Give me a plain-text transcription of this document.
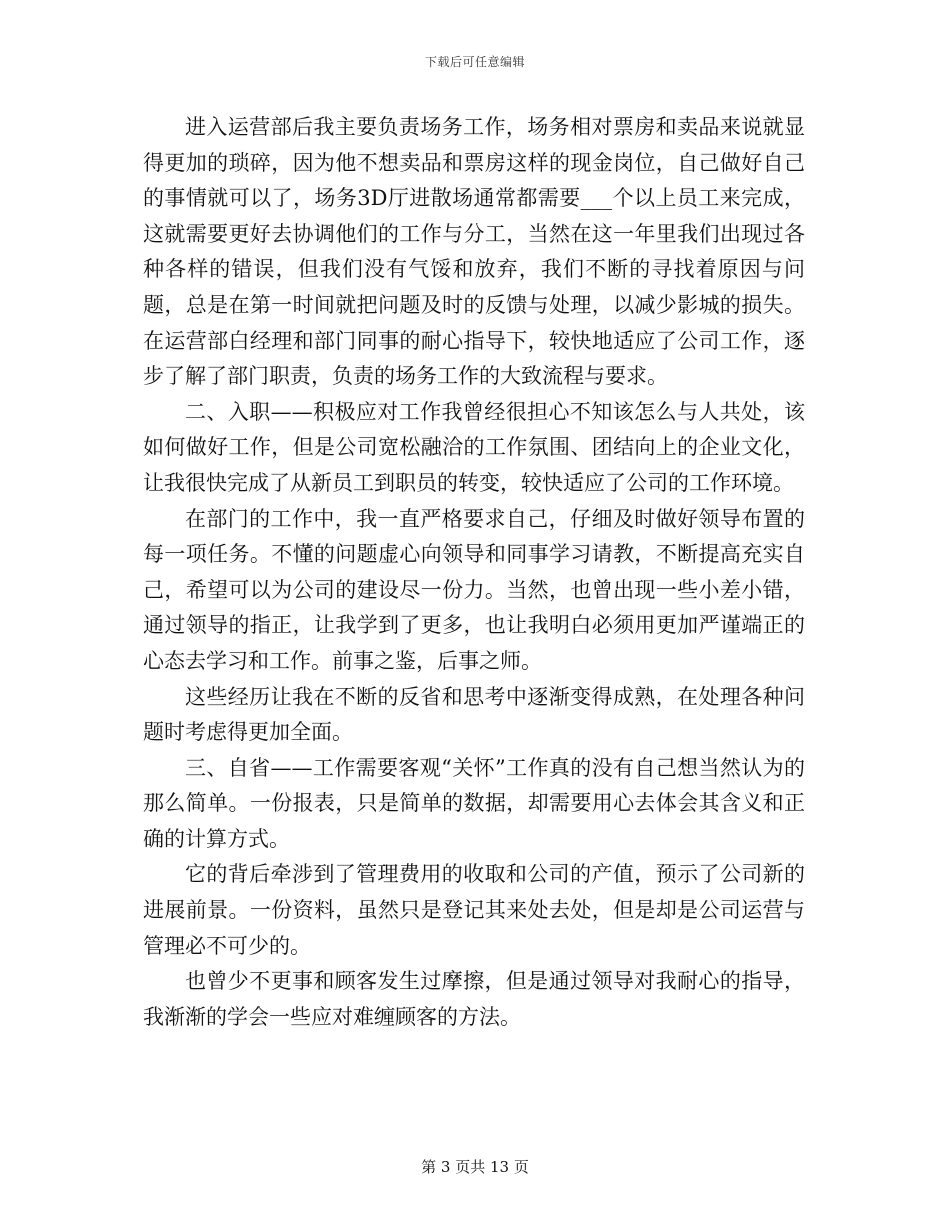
下载后可任意编辑

进入运营部后我主要负责场务工作，场务相对票房和卖品来说就显得更加的琐碎，因为他不想卖品和票房这样的现金岗位，自己做好自己的事情就可以了，场务3D厅进散场通常都需要___个以上员工来完成，这就需要更好去协调他们的工作与分工，当然在这一年里我们出现过各种各样的错误，但我们没有气馁和放弃，我们不断的寻找着原因与问题，总是在第一时间就把问题及时的反馈与处理，以减少影城的损失。在运营部白经理和部门同事的耐心指导下，较快地适应了公司工作，逐步了解了部门职责，负责的场务工作的大致流程与要求。

二、入职——积极应对工作我曾经很担心不知该怎么与人共处，该如何做好工作，但是公司宽松融洽的工作氛围、团结向上的企业文化，让我很快完成了从新员工到职员的转变，较快适应了公司的工作环境。

在部门的工作中，我一直严格要求自己，仔细及时做好领导布置的每一项任务。不懂的问题虚心向领导和同事学习请教，不断提高充实自己，希望可以为公司的建设尽一份力。当然，也曾出现一些小差小错，通过领导的指正，让我学到了更多，也让我明白必须用更加严谨端正的心态去学习和工作。前事之鉴，后事之师。

这些经历让我在不断的反省和思考中逐渐变得成熟，在处理各种问题时考虑得更加全面。

三、自省——工作需要客观“关怀”工作真的没有自己想当然认为的那么简单。一份报表，只是简单的数据，却需要用心去体会其含义和正确的计算方式。

它的背后牵涉到了管理费用的收取和公司的产值，预示了公司新的进展前景。一份资料，虽然只是登记其来处去处，但是却是公司运营与管理必不可少的。

也曾少不更事和顾客发生过摩擦，但是通过领导对我耐心的指导，我渐渐的学会一些应对难缠顾客的方法。

第 3 页共 13 页
